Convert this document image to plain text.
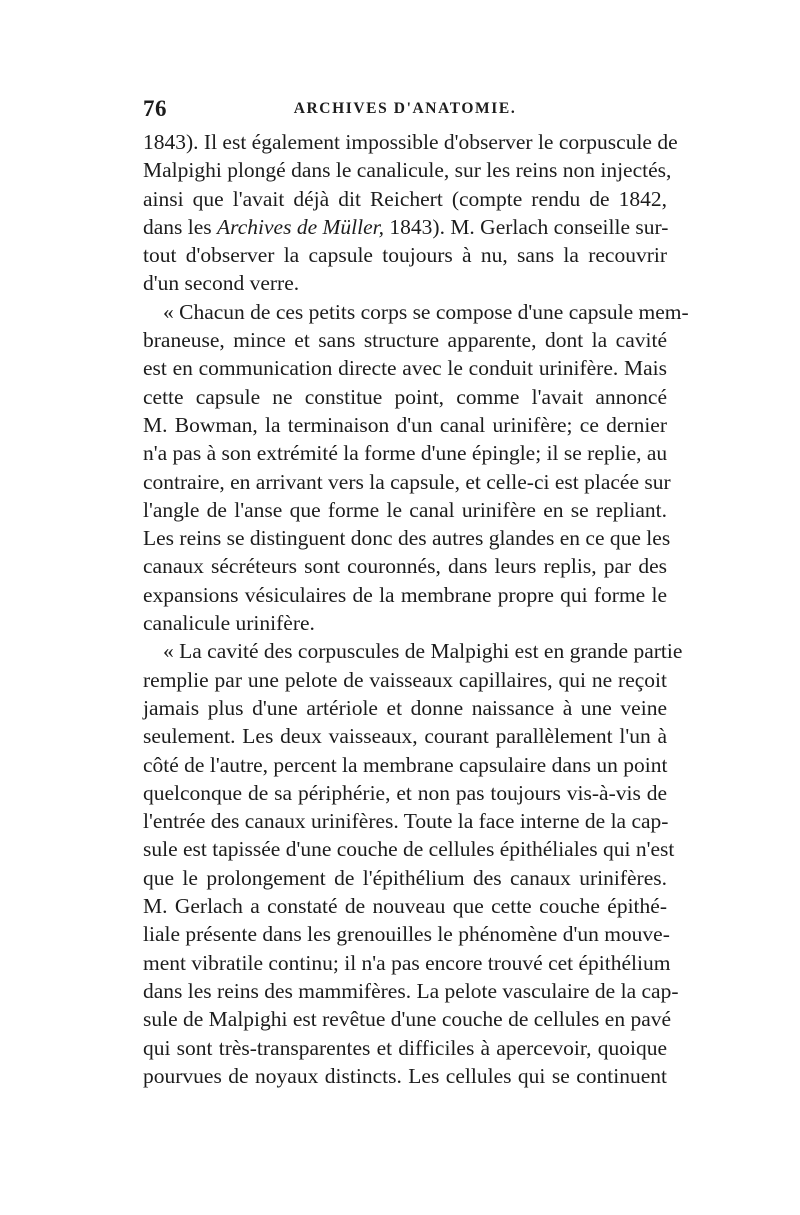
76	ARCHIVES D'ANATOMIE.
1843). Il est également impossible d'observer le corpuscule de
Malpighi plongé dans le canalicule, sur les reins non injectés,
ainsi que l'avait déjà dit Reichert (compte rendu de 1842,
dans les Archives de Müller, 1843). M. Gerlach conseille sur-
tout d'observer la capsule toujours à nu, sans la recouvrir
d'un second verre.
« Chacun de ces petits corps se compose d'une capsule mem-
braneuse, mince et sans structure apparente, dont la cavité
est en communication directe avec le conduit urinifère. Mais
cette capsule ne constitue point, comme l'avait annoncé
M. Bowman, la terminaison d'un canal urinifère; ce dernier
n'a pas à son extrémité la forme d'une épingle; il se replie, au
contraire, en arrivant vers la capsule, et celle-ci est placée sur
l'angle de l'anse que forme le canal urinifère en se repliant.
Les reins se distinguent donc des autres glandes en ce que les
canaux sécréteurs sont couronnés, dans leurs replis, par des
expansions vésiculaires de la membrane propre qui forme le
canalicule urinifère.
« La cavité des corpuscules de Malpighi est en grande partie
remplie par une pelote de vaisseaux capillaires, qui ne reçoit
jamais plus d'une artériole et donne naissance à une veine
seulement. Les deux vaisseaux, courant parallèlement l'un à
côté de l'autre, percent la membrane capsulaire dans un point
quelconque de sa périphérie, et non pas toujours vis-à-vis de
l'entrée des canaux urinifères. Toute la face interne de la cap-
sule est tapissée d'une couche de cellules épithéliales qui n'est
que le prolongement de l'épithélium des canaux urinifères.
M. Gerlach a constaté de nouveau que cette couche épithé-
liale présente dans les grenouilles le phénomène d'un mouve-
ment vibratile continu; il n'a pas encore trouvé cet épithélium
dans les reins des mammifères. La pelote vasculaire de la cap-
sule de Malpighi est revêtue d'une couche de cellules en pavé
qui sont très-transparentes et difficiles à apercevoir, quoique
pourvues de noyaux distincts. Les cellules qui se continuent
